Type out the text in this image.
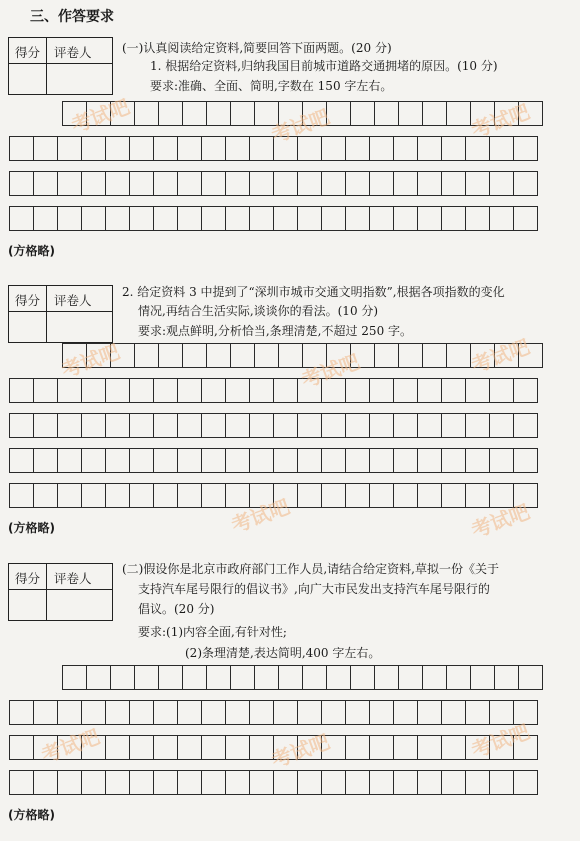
三、作答要求
得分 评卷人	(一)认真阅读给定资料,简要回答下面两题。(20 分)
1. 根据给定资料,归纳我国目前城市道路交通拥堵的原因。(10 分)
要求:准确、全面、简明,字数在 150 字左右。
(方格略)
得分 评卷人
2. 给定资料 3 中提到了“深圳市城市交通文明指数”,根据各项指数的变化
情况,再结合生活实际,谈谈你的看法。(10 分)
要求:观点鲜明,分析恰当,条理清楚,不超过 250 字。
(方格略)
得分 评卷人
(二)假设你是北京市政府部门工作人员,请结合给定资料,草拟一份《关于
支持汽车尾号限行的倡议书》,向广大市民发出支持汽车尾号限行的
倡议。(20 分)
要求:(1)内容全面,有针对性;
(2)条理清楚,表达简明,400 字左右。
(方格略)
考试吧	考试吧	考试吧
考试吧	考试吧	考试吧
考试吧	考试吧
考试吧	考试吧	考试吧
